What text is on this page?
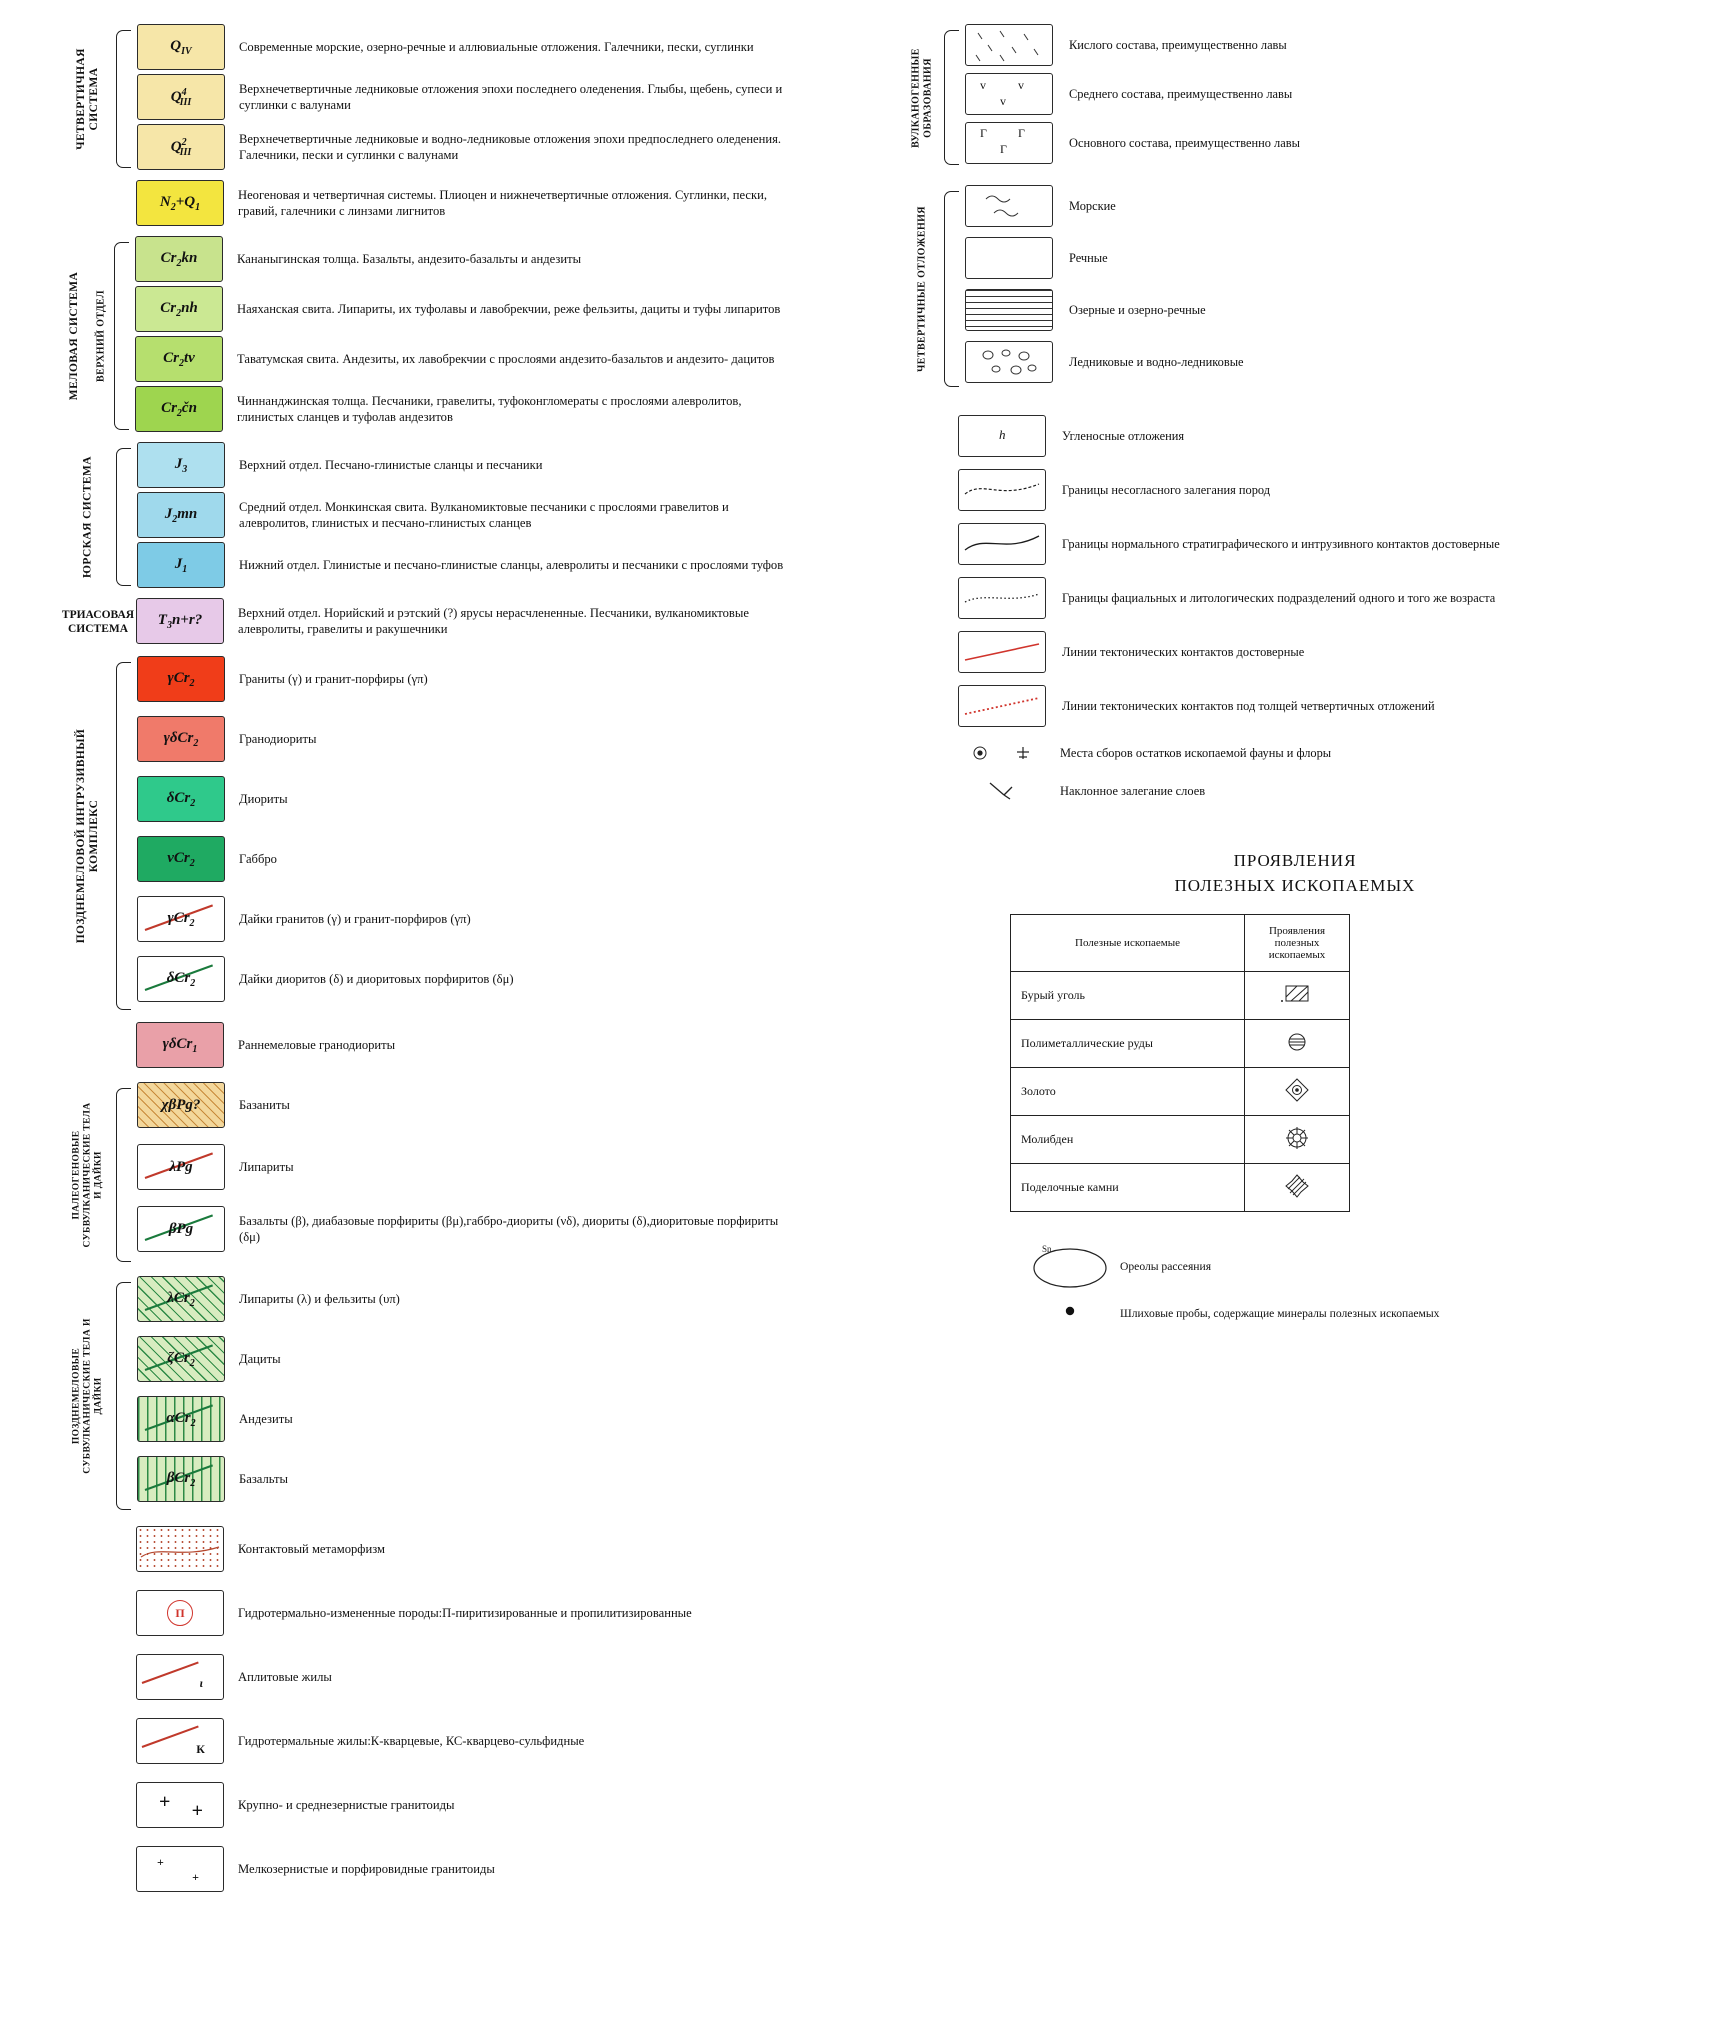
ЧЕТВЕРТИЧНАЯ СИСТЕМА
$Q_{IV}$	Современные морские, озерно-речные и аллювиальные отложения. Галечники, пески, суглинки
$Q^4_{III}$
Верхнечетвертичные ледниковые отложения эпохи последнего оледенения. Глыбы, щебень, супеси и суглинки с валунами
$Q^2_{III}$
Верхнечетвертичные ледниковые и водно-ледниковые отложения эпохи предпоследнего оледенения. Галечники, пески и суглинки с валунами
$N_2+Q_1$
Неогеновая и четвертичная системы. Плиоцен и нижнечетвертичные отложения. Суглинки, пески, гравий, галечники с линзами лигнитов
МЕЛОВАЯ СИСТЕМА ВЕРХНИЙ ОТДЕЛ
$Cr_2kn$	Кананыгинская толща. Базальты, андезито-базальты и андезиты
$Cr_2nh$	Наяханская свита. Липариты, их туфолавы и лавобрекчии, реже фельзиты, дациты и туфы липаритов
$Cr_2tv$	Таватумская свита. Андезиты, их лавобрекчии с прослоями андезито-базальтов и андезито- дацитов
$Cr_2čn$	Чиннанджинская толща. Песчаники, гравелиты, туфоконгломераты с прослоями алевролитов, глинистых сланцев и туфолав андезитов
ЮРСКАЯ СИСТЕМА	$J_3$	Верхний отдел. Песчано-глинистые сланцы и песчаники
$J_2mn$	Средний отдел. Монкинская свита. Вулканомиктовые песчаники с прослоями гравелитов и алевролитов, глинистых и песчано-глинистых сланцев
$J_1$	Нижний отдел. Глинистые и песчано-глинистые сланцы, алевролиты и песчаники с прослоями туфов
ТРИАСОВАЯ СИСТЕМА
$T_3n+r$?	Верхний отдел. Норийский и рэтский (?) ярусы нерасчлененные. Песчаники, вулканомиктовые алевролиты, гравелиты и ракушечники
ПОЗДНЕМЕЛОВОЙ ИНТРУЗИВНЫЙ КОМПЛЕКС
γCr$_2$	Граниты (γ) и гранит-порфиры (γπ)
γδCr$_2$	Гранодиориты
δCr$_2$	Диориты
νCr$_2$	Габбро
γCr$_2$	Дайки гранитов (γ) и гранит-порфиров (γπ)
δCr$_2$	Дайки диоритов (δ) и диоритовых порфиритов (δμ)
γδCr$_1$	Раннемеловые гранодиориты
ПАЛЕОГЕНОВЫЕ СУБВУЛКАНИЧЕСКИЕ ТЕЛА И ДАЙКИ
χβPg?	Базаниты
λPg	Липариты
βPg	Базальты (β), диабазовые порфириты (βμ),габбро-диориты (νδ), диориты (δ),диоритовые порфириты (δμ)
ПОЗДНЕМЕЛОВЫЕ СУБВУЛКАНИЧЕСКИЕ ТЕЛА И ДАЙКИ
λCr$_2$	Липариты (λ) и фельзиты (υπ)
ζCr$_2$	Дациты
αCr$_2$	Андезиты
βCr$_2$	Базальты
Контактовый метаморфизм
П	Гидротермально-измененные породы:П-пиритизированные и пропилитизированные
ι	Аплитовые жилы
К
Гидротермальные жилы:К-кварцевые, КС-кварцево-сульфидные
+ +	Крупно- и среднезернистые гранитоиды
+
+
Мелкозернистые и порфировидные гранитоиды
ВУЛКАНОГЕННЫЕ ОБРАЗОВАНИЯ
Кислого состава, преимущественно лавы
v	v
v
Среднего состава, преимущественно лавы
Г	Г
Г	Основного состава, преимущественно лавы
ЧЕТВЕРТИЧНЫЕ ОТЛОЖЕНИЯ
Морские
Речные
Озерные и озерно-речные
Ледниковые и водно-ледниковые
h	Угленосные отложения
Границы несогласного залегания пород
Границы нормального стратиграфического и интрузивного контактов достоверные
Границы фациальных и литологических подразделений одного и того же возраста
Линии тектонических контактов достоверные
Линии тектонических контактов под толщей четвертичных отложений
Места сборов остатков ископаемой фауны и флоры
Наклонное залегание слоев
ПРОЯВЛЕНИЯ
ПОЛЕЗНЫХ ИСКОПАЕМЫХ
Полезные ископаемые	Проявления полезных ископаемых
Бурый уголь	
Полиметаллические руды	
Золото	
Молибден	
Поделочные камни	
Sn
Ореолы рассеяния
Шлиховые пробы, содержащие минералы полезных ископаемых
